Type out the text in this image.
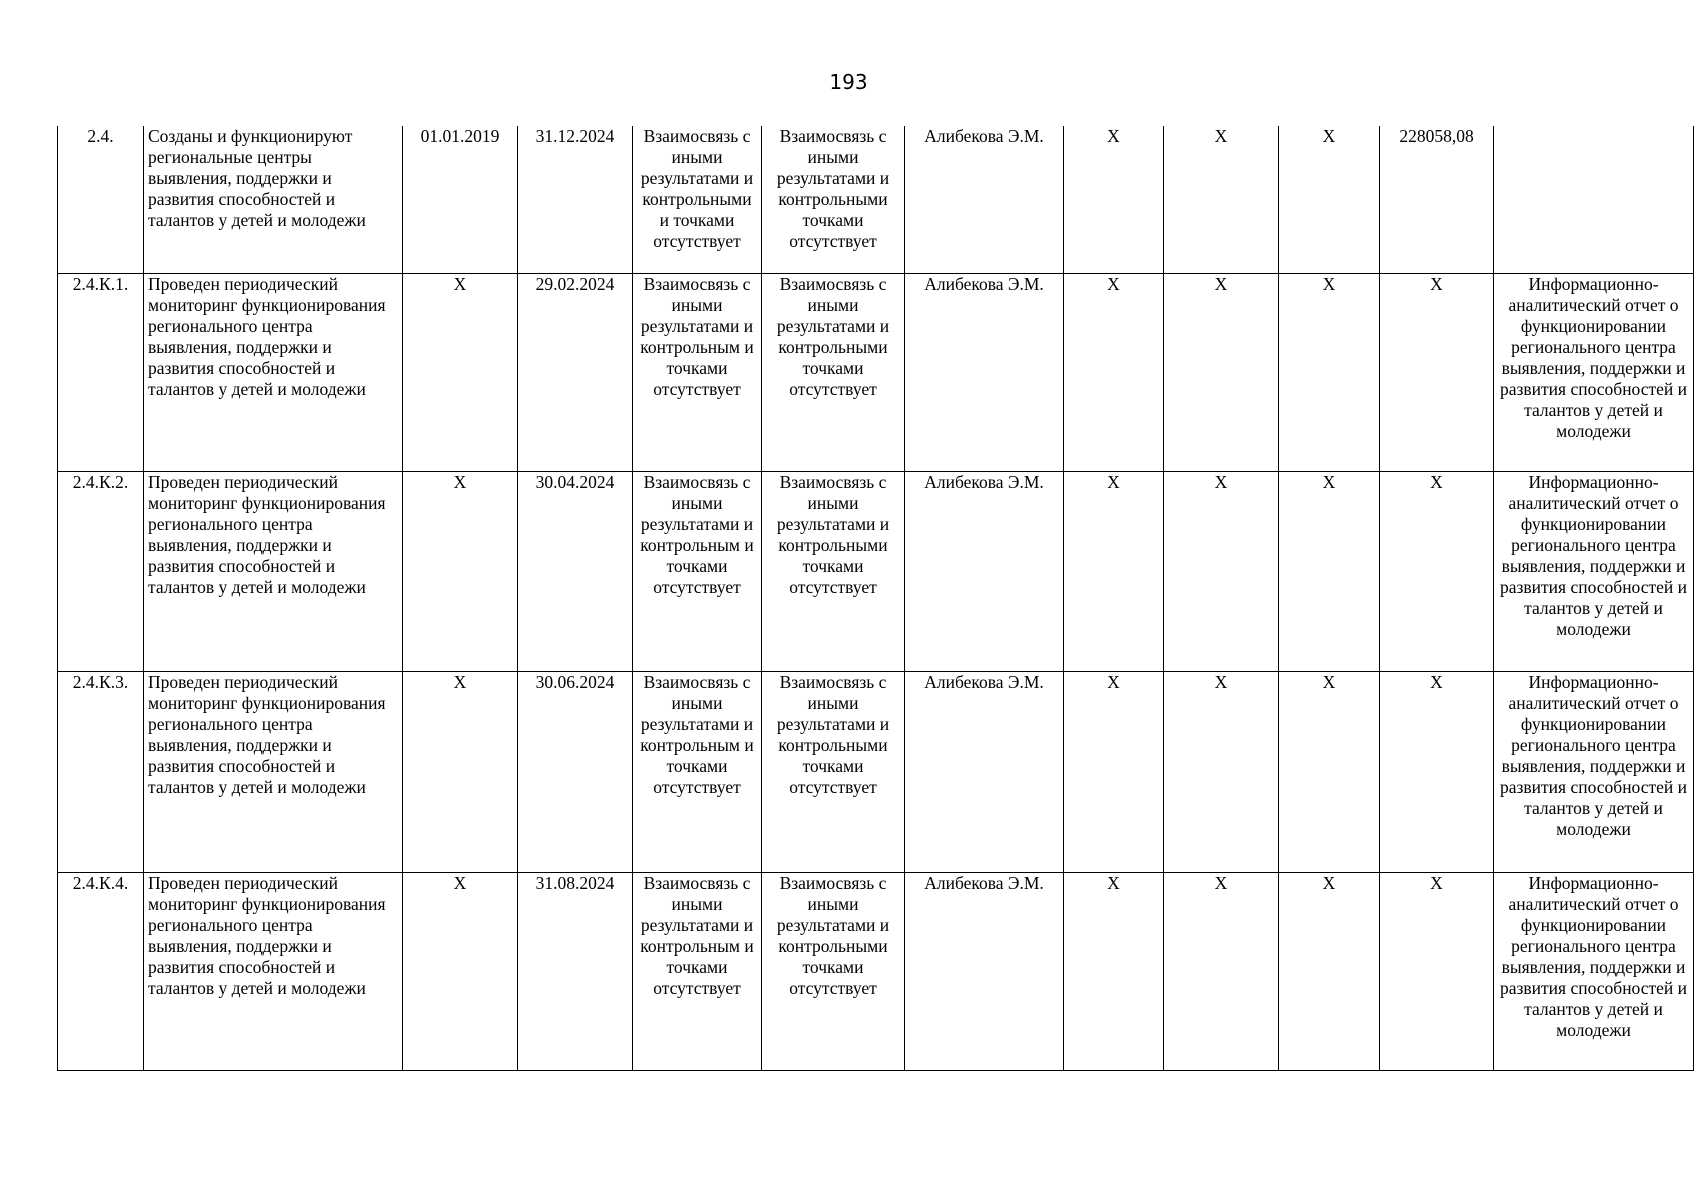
193
2.4.	Созданы и функционируют региональные центры выявления, поддержки и развития способностей и талантов у детей и молодежи	01.01.2019	31.12.2024	Взаимосвязь с иными результатами и контрольными и точками отсутствует	Взаимосвязь с иными результатами и контрольными точками отсутствует	Алибекова Э.М.	X	X	X	228058,08	
2.4.К.1.	Проведен периодический мониторинг функционирования регионального центра выявления, поддержки и развития способностей и талантов у детей и молодежи	X	29.02.2024	Взаимосвязь с иными результатами и контрольным и точками отсутствует	Взаимосвязь с иными результатами и контрольными точками отсутствует	Алибекова Э.М.	X	X	X	X	Информационно-аналитический отчет о функционировании регионального центра выявления, поддержки и развития способностей и талантов у детей и молодежи
2.4.К.2.	Проведен периодический мониторинг функционирования регионального центра выявления, поддержки и развития способностей и талантов у детей и молодежи	X	30.04.2024	Взаимосвязь с иными результатами и контрольным и точками отсутствует	Взаимосвязь с иными результатами и контрольными точками отсутствует	Алибекова Э.М.	X	X	X	X	Информационно-аналитический отчет о функционировании регионального центра выявления, поддержки и развития способностей и талантов у детей и молодежи
2.4.К.3.	Проведен периодический мониторинг функционирования регионального центра выявления, поддержки и развития способностей и талантов у детей и молодежи	X	30.06.2024	Взаимосвязь с иными результатами и контрольным и точками отсутствует	Взаимосвязь с иными результатами и контрольными точками отсутствует	Алибекова Э.М.	X	X	X	X	Информационно-аналитический отчет о функционировании регионального центра выявления, поддержки и развития способностей и талантов у детей и молодежи
2.4.К.4.	Проведен периодический мониторинг функционирования регионального центра выявления, поддержки и развития способностей и талантов у детей и молодежи	X	31.08.2024	Взаимосвязь с иными результатами и контрольным и точками отсутствует	Взаимосвязь с иными результатами и контрольными точками отсутствует	Алибекова Э.М.	X	X	X	X	Информационно-аналитический отчет о функционировании регионального центра выявления, поддержки и развития способностей и талантов у детей и молодежи
